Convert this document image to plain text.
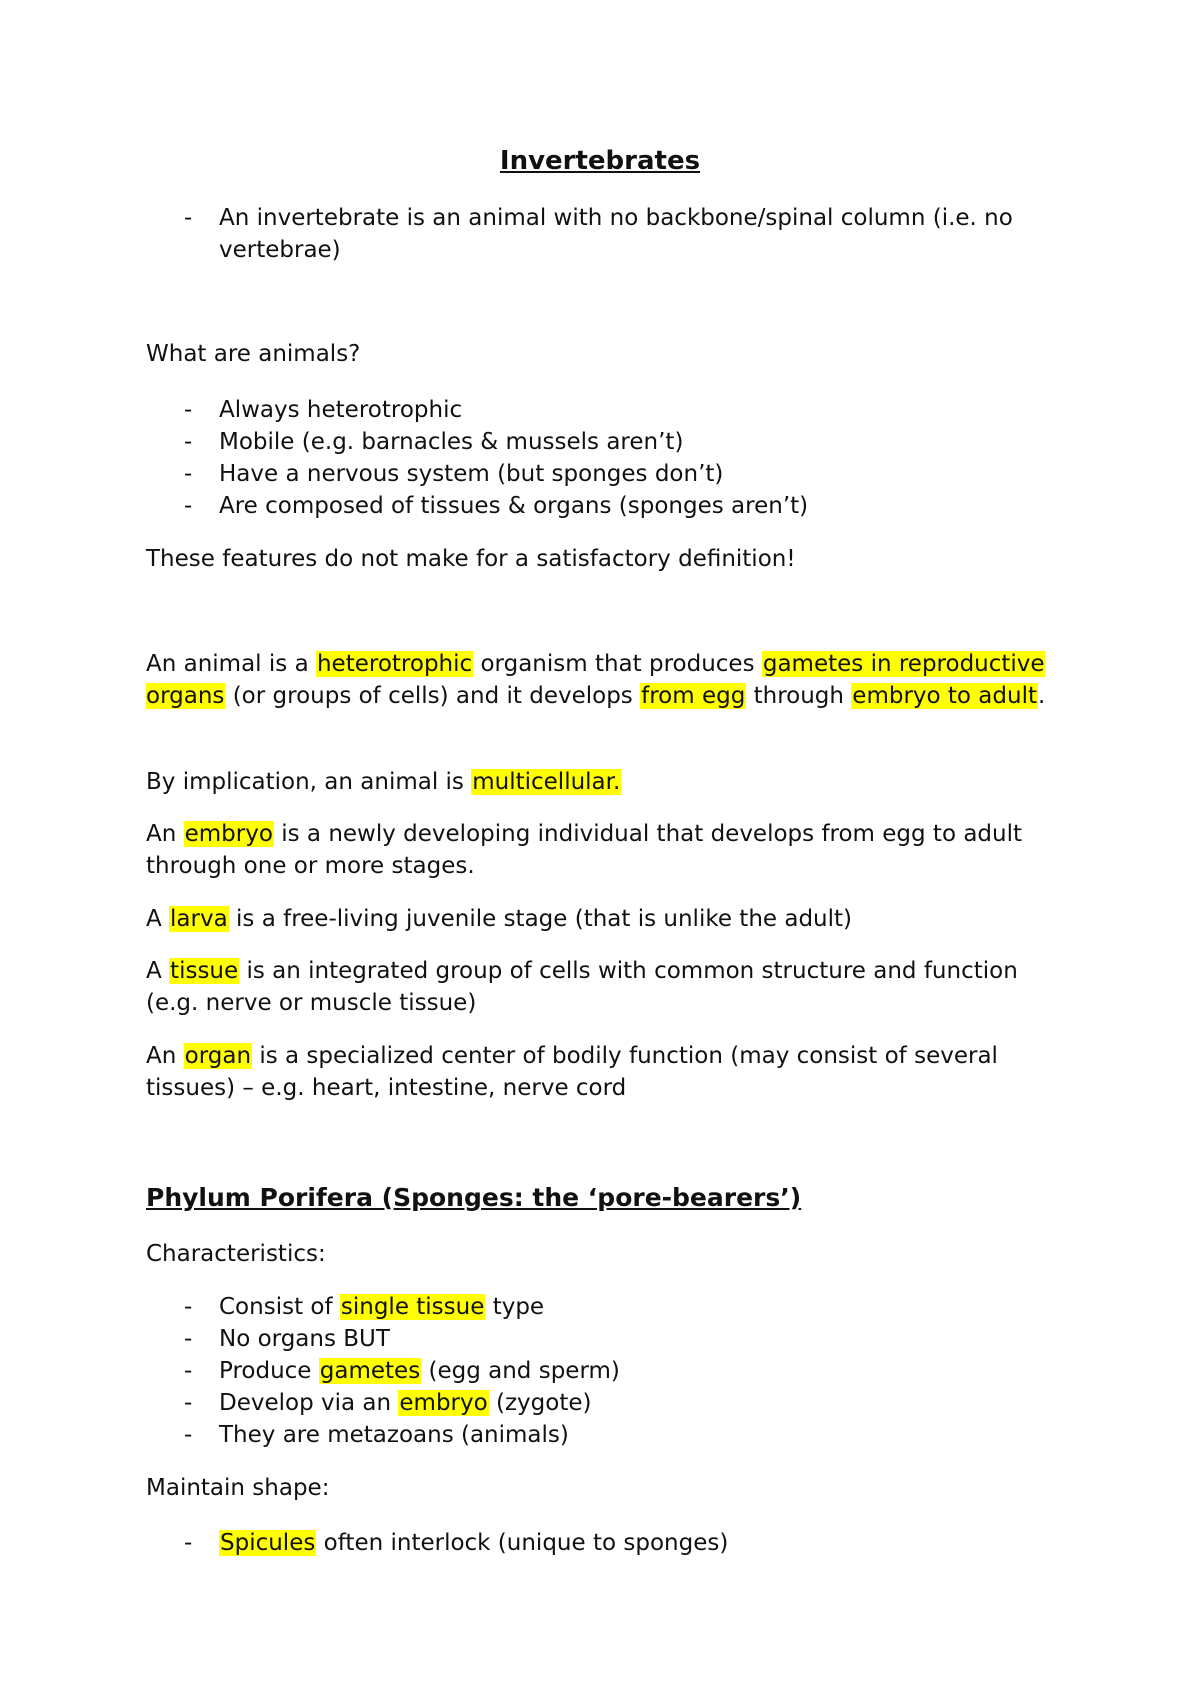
Invertebrates
- An invertebrate is an animal with no backbone/spinal column (i.e. no vertebrae)

What are animals?

- Always heterotrophic
- Mobile (e.g. barnacles & mussels aren’t)
- Have a nervous system (but sponges don’t)
- Are composed of tissues & organs (sponges aren’t)

These features do not make for a satisfactory definition!

An animal is a heterotrophic organism that produces gametes in reproductive organs (or groups of cells) and it develops from egg through embryo to adult.

By implication, an animal is multicellular.

An embryo is a newly developing individual that develops from egg to adult through one or more stages.

A larva is a free-living juvenile stage (that is unlike the adult)

A tissue is an integrated group of cells with common structure and function (e.g. nerve or muscle tissue)

An organ is a specialized center of bodily function (may consist of several tissues) – e.g. heart, intestine, nerve cord

Phylum Porifera (Sponges: the ‘pore-bearers’)

Characteristics:

- Consist of single tissue type
- No organs BUT
- Produce gametes (egg and sperm)
- Develop via an embryo (zygote)
- They are metazoans (animals)

Maintain shape:

- Spicules often interlock (unique to sponges)
